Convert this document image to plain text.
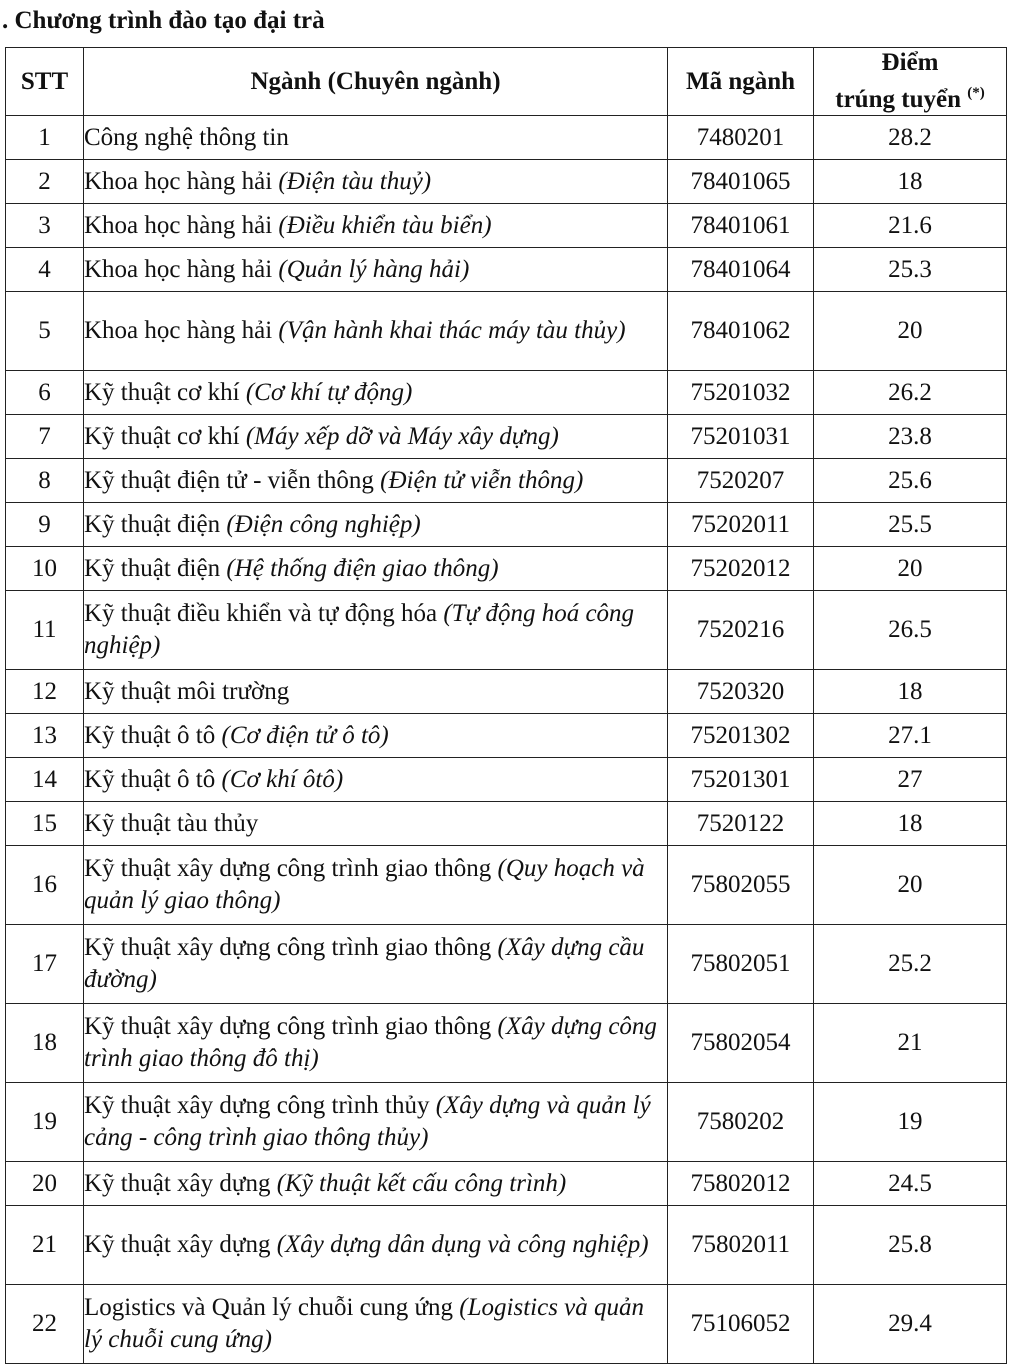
. Chương trình đào tạo đại trà
STT	Ngành (Chuyên ngành)	Mã ngành	Điểm
trúng tuyển (*)
1	Công nghệ thông tin	7480201	28.2
2	Khoa học hàng hải (Điện tàu thuỷ)	78401065	18
3	Khoa học hàng hải (Điều khiển tàu biển)	78401061	21.6
4	Khoa học hàng hải (Quản lý hàng hải)	78401064	25.3
5	Khoa học hàng hải (Vận hành khai thác máy tàu thủy)	78401062	20
6	Kỹ thuật cơ khí (Cơ khí tự động)	75201032	26.2
7	Kỹ thuật cơ khí (Máy xếp dỡ và Máy xây dựng)	75201031	23.8
8	Kỹ thuật điện tử - viễn thông (Điện tử viễn thông)	7520207	25.6
9	Kỹ thuật điện (Điện công nghiệp)	75202011	25.5
10	Kỹ thuật điện (Hệ thống điện giao thông)	75202012	20
11	Kỹ thuật điều khiển và tự động hóa (Tự động hoá công nghiệp)	7520216	26.5
12	Kỹ thuật môi trường	7520320	18
13	Kỹ thuật ô tô (Cơ điện tử ô tô)	75201302	27.1
14	Kỹ thuật ô tô (Cơ khí ôtô)	75201301	27
15	Kỹ thuật tàu thủy	7520122	18
16	Kỹ thuật xây dựng công trình giao thông (Quy hoạch và quản lý giao thông)	75802055	20
17	Kỹ thuật xây dựng công trình giao thông (Xây dựng cầu đường)	75802051	25.2
18	Kỹ thuật xây dựng công trình giao thông (Xây dựng công trình giao thông đô thị)	75802054	21
19	Kỹ thuật xây dựng công trình thủy (Xây dựng và quản lý cảng - công trình giao thông thủy)	7580202	19
20	Kỹ thuật xây dựng (Kỹ thuật kết cấu công trình)	75802012	24.5
21	Kỹ thuật xây dựng (Xây dựng dân dụng và công nghiệp)	75802011	25.8
22	Logistics và Quản lý chuỗi cung ứng (Logistics và quản lý chuỗi cung ứng)	75106052	29.4
